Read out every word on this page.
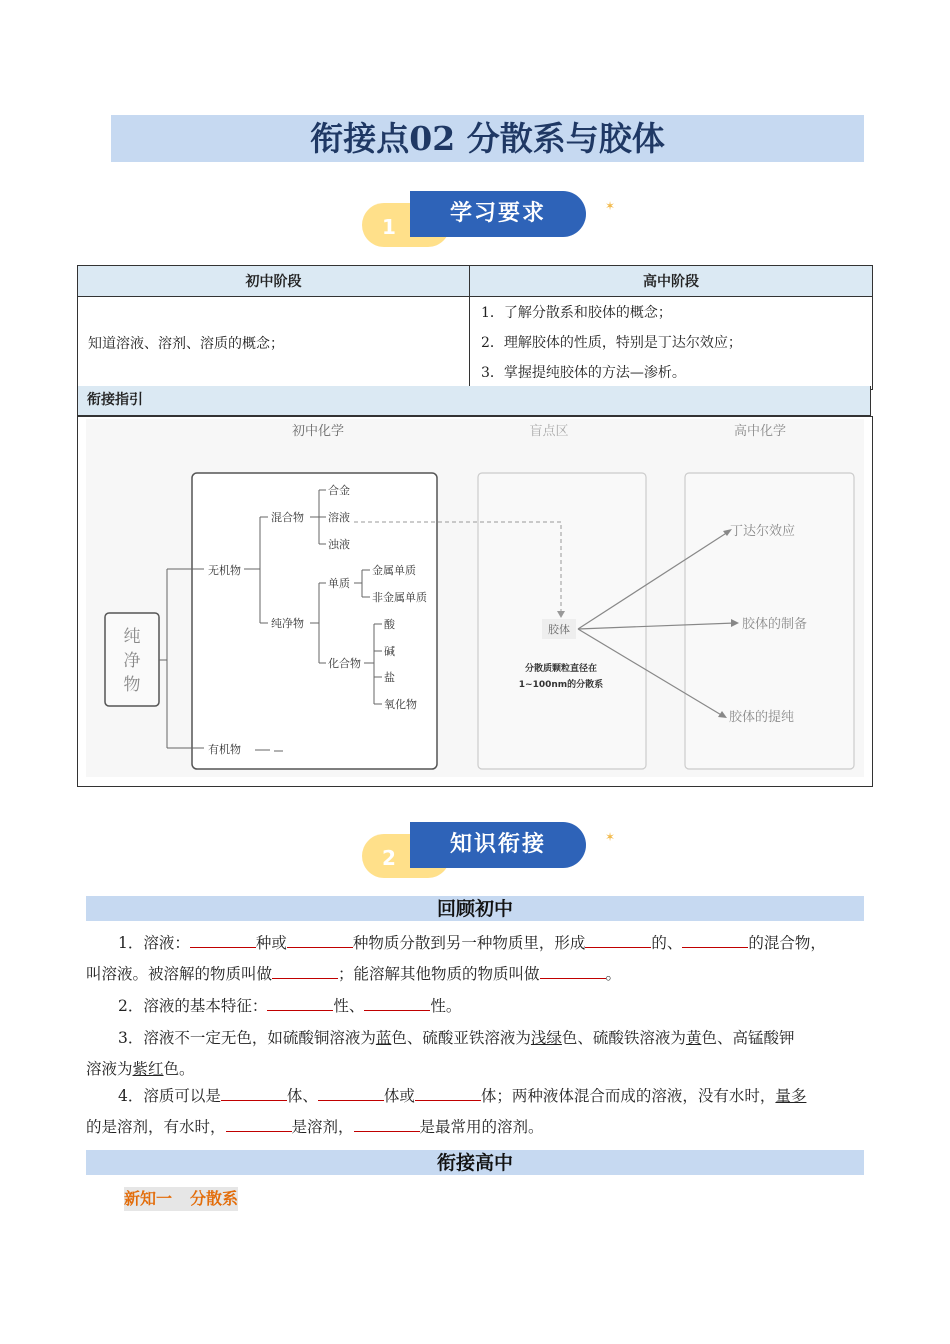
衔接点02 分散系与胶体
1
学习要求	✶
初中阶段	高中阶段
知道溶液、溶剂、溶质的概念；	1．了解分散系和胶体的概念；
2．理解胶体的性质，特别是丁达尔效应；
3．掌握提纯胶体的方法—渗析。
衔接指引
初中化学	盲点区	高中化学
纯
净
物
无机物
有机物
混合物
合金
溶液
浊液
纯净物
单质
金属单质
非金属单质
化合物
酸
碱
盐
氧化物
胶体
分散质颗粒直径在
1~100nm的分散系
丁达尔效应
胶体的制备
胶体的提纯
2
知识衔接	✶
回顾初中
1．溶液：	种或	种物质分散到另一种物质里，形成	的、	的混合物，
叫溶液。被溶解的物质叫做	；能溶解其他物质的物质叫做	。
2．溶液的基本特征：	性、	性。
3．溶液不一定无色，如硫酸铜溶液为蓝色、硫酸亚铁溶液为浅绿色、硫酸铁溶液为黄色、高锰酸钾
溶液为紫红色。
4．溶质可以是	体、	体或	体；两种液体混合而成的溶液，没有水时，量多
的是溶剂，有水时，	是溶剂，	是最常用的溶剂。
衔接高中
新知一 分散系
